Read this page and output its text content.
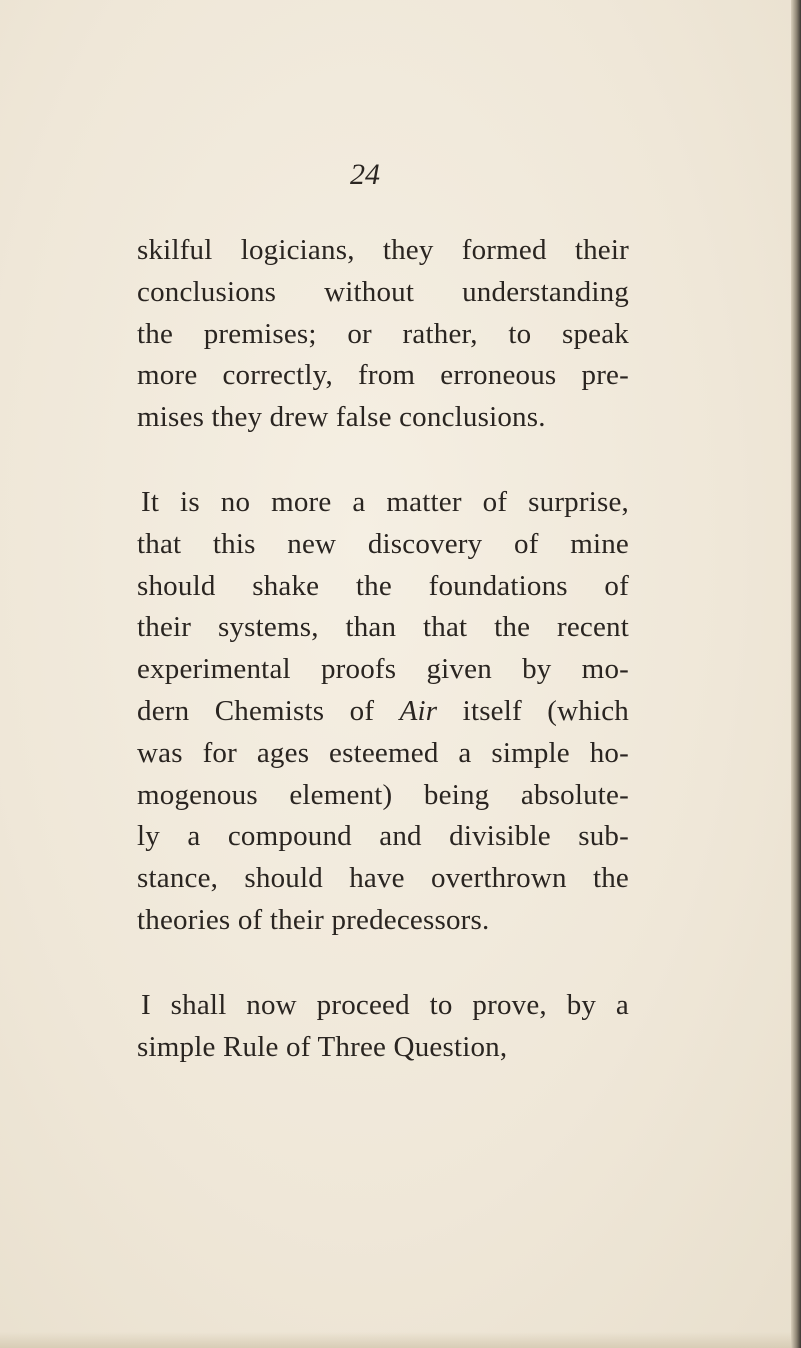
24
skilful logicians, they formed their
conclusions without understanding
the premises; or rather, to speak
more correctly, from erroneous pre-
mises they drew false conclusions.
It is no more a matter of surprise,
that this new discovery of mine
should shake the foundations of
their systems, than that the recent
experimental proofs given by mo-
dern Chemists of Air itself (which
was for ages esteemed a simple ho-
mogenous element) being absolute-
ly a compound and divisible sub-
stance, should have overthrown the
theories of their predecessors.
I shall now proceed to prove, by a
simple Rule of Three Question,
